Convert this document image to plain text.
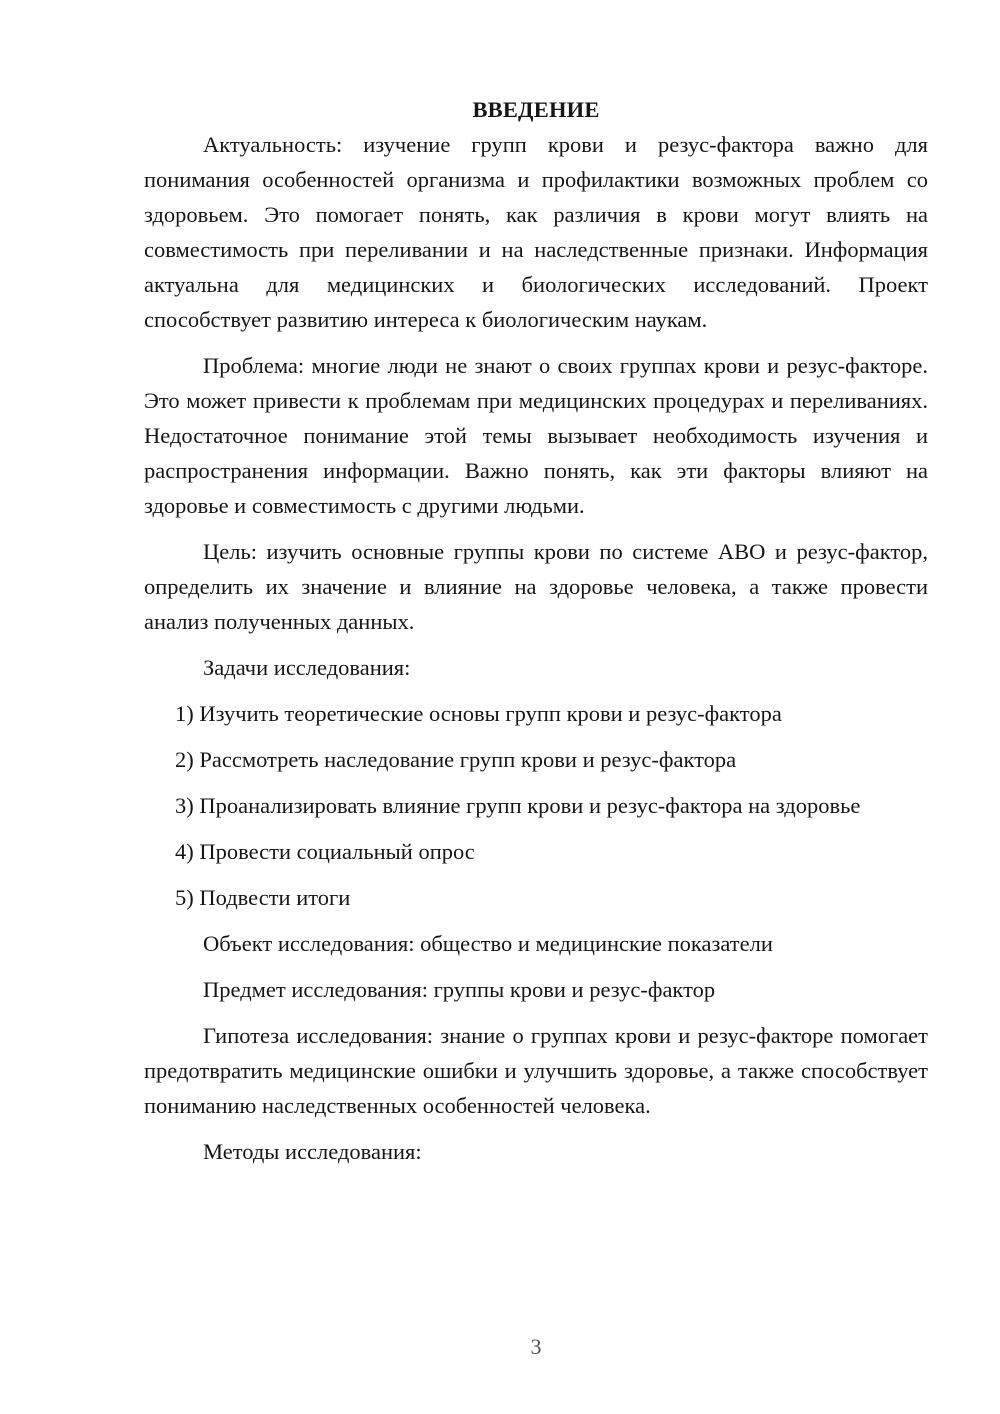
ВВЕДЕНИЕ

Актуальность: изучение групп крови и резус-фактора важно для понимания особенностей организма и профилактики возможных проблем со здоровьем. Это помогает понять, как различия в крови могут влиять на совместимость при переливании и на наследственные признаки. Информация актуальна для медицинских и биологических исследований. Проект способствует развитию интереса к биологическим наукам.

Проблема: многие люди не знают о своих группах крови и резус-факторе. Это может привести к проблемам при медицинских процедурах и переливаниях. Недостаточное понимание этой темы вызывает необходимость изучения и распространения информации. Важно понять, как эти факторы влияют на здоровье и совместимость с другими людьми.

Цель: изучить основные группы крови по системе АВО и резус-фактор, определить их значение и влияние на здоровье человека, а также провести анализ полученных данных.

Задачи исследования:

1) Изучить теоретические основы групп крови и резус-фактора

2) Рассмотреть наследование групп крови и резус-фактора

3) Проанализировать влияние групп крови и резус-фактора на здоровье

4) Провести социальный опрос

5) Подвести итоги

Объект исследования: общество и медицинские показатели

Предмет исследования: группы крови и резус-фактор

Гипотеза исследования: знание о группах крови и резус-факторе помогает предотвратить медицинские ошибки и улучшить здоровье, а также способствует пониманию наследственных особенностей человека.

Методы исследования:

3
